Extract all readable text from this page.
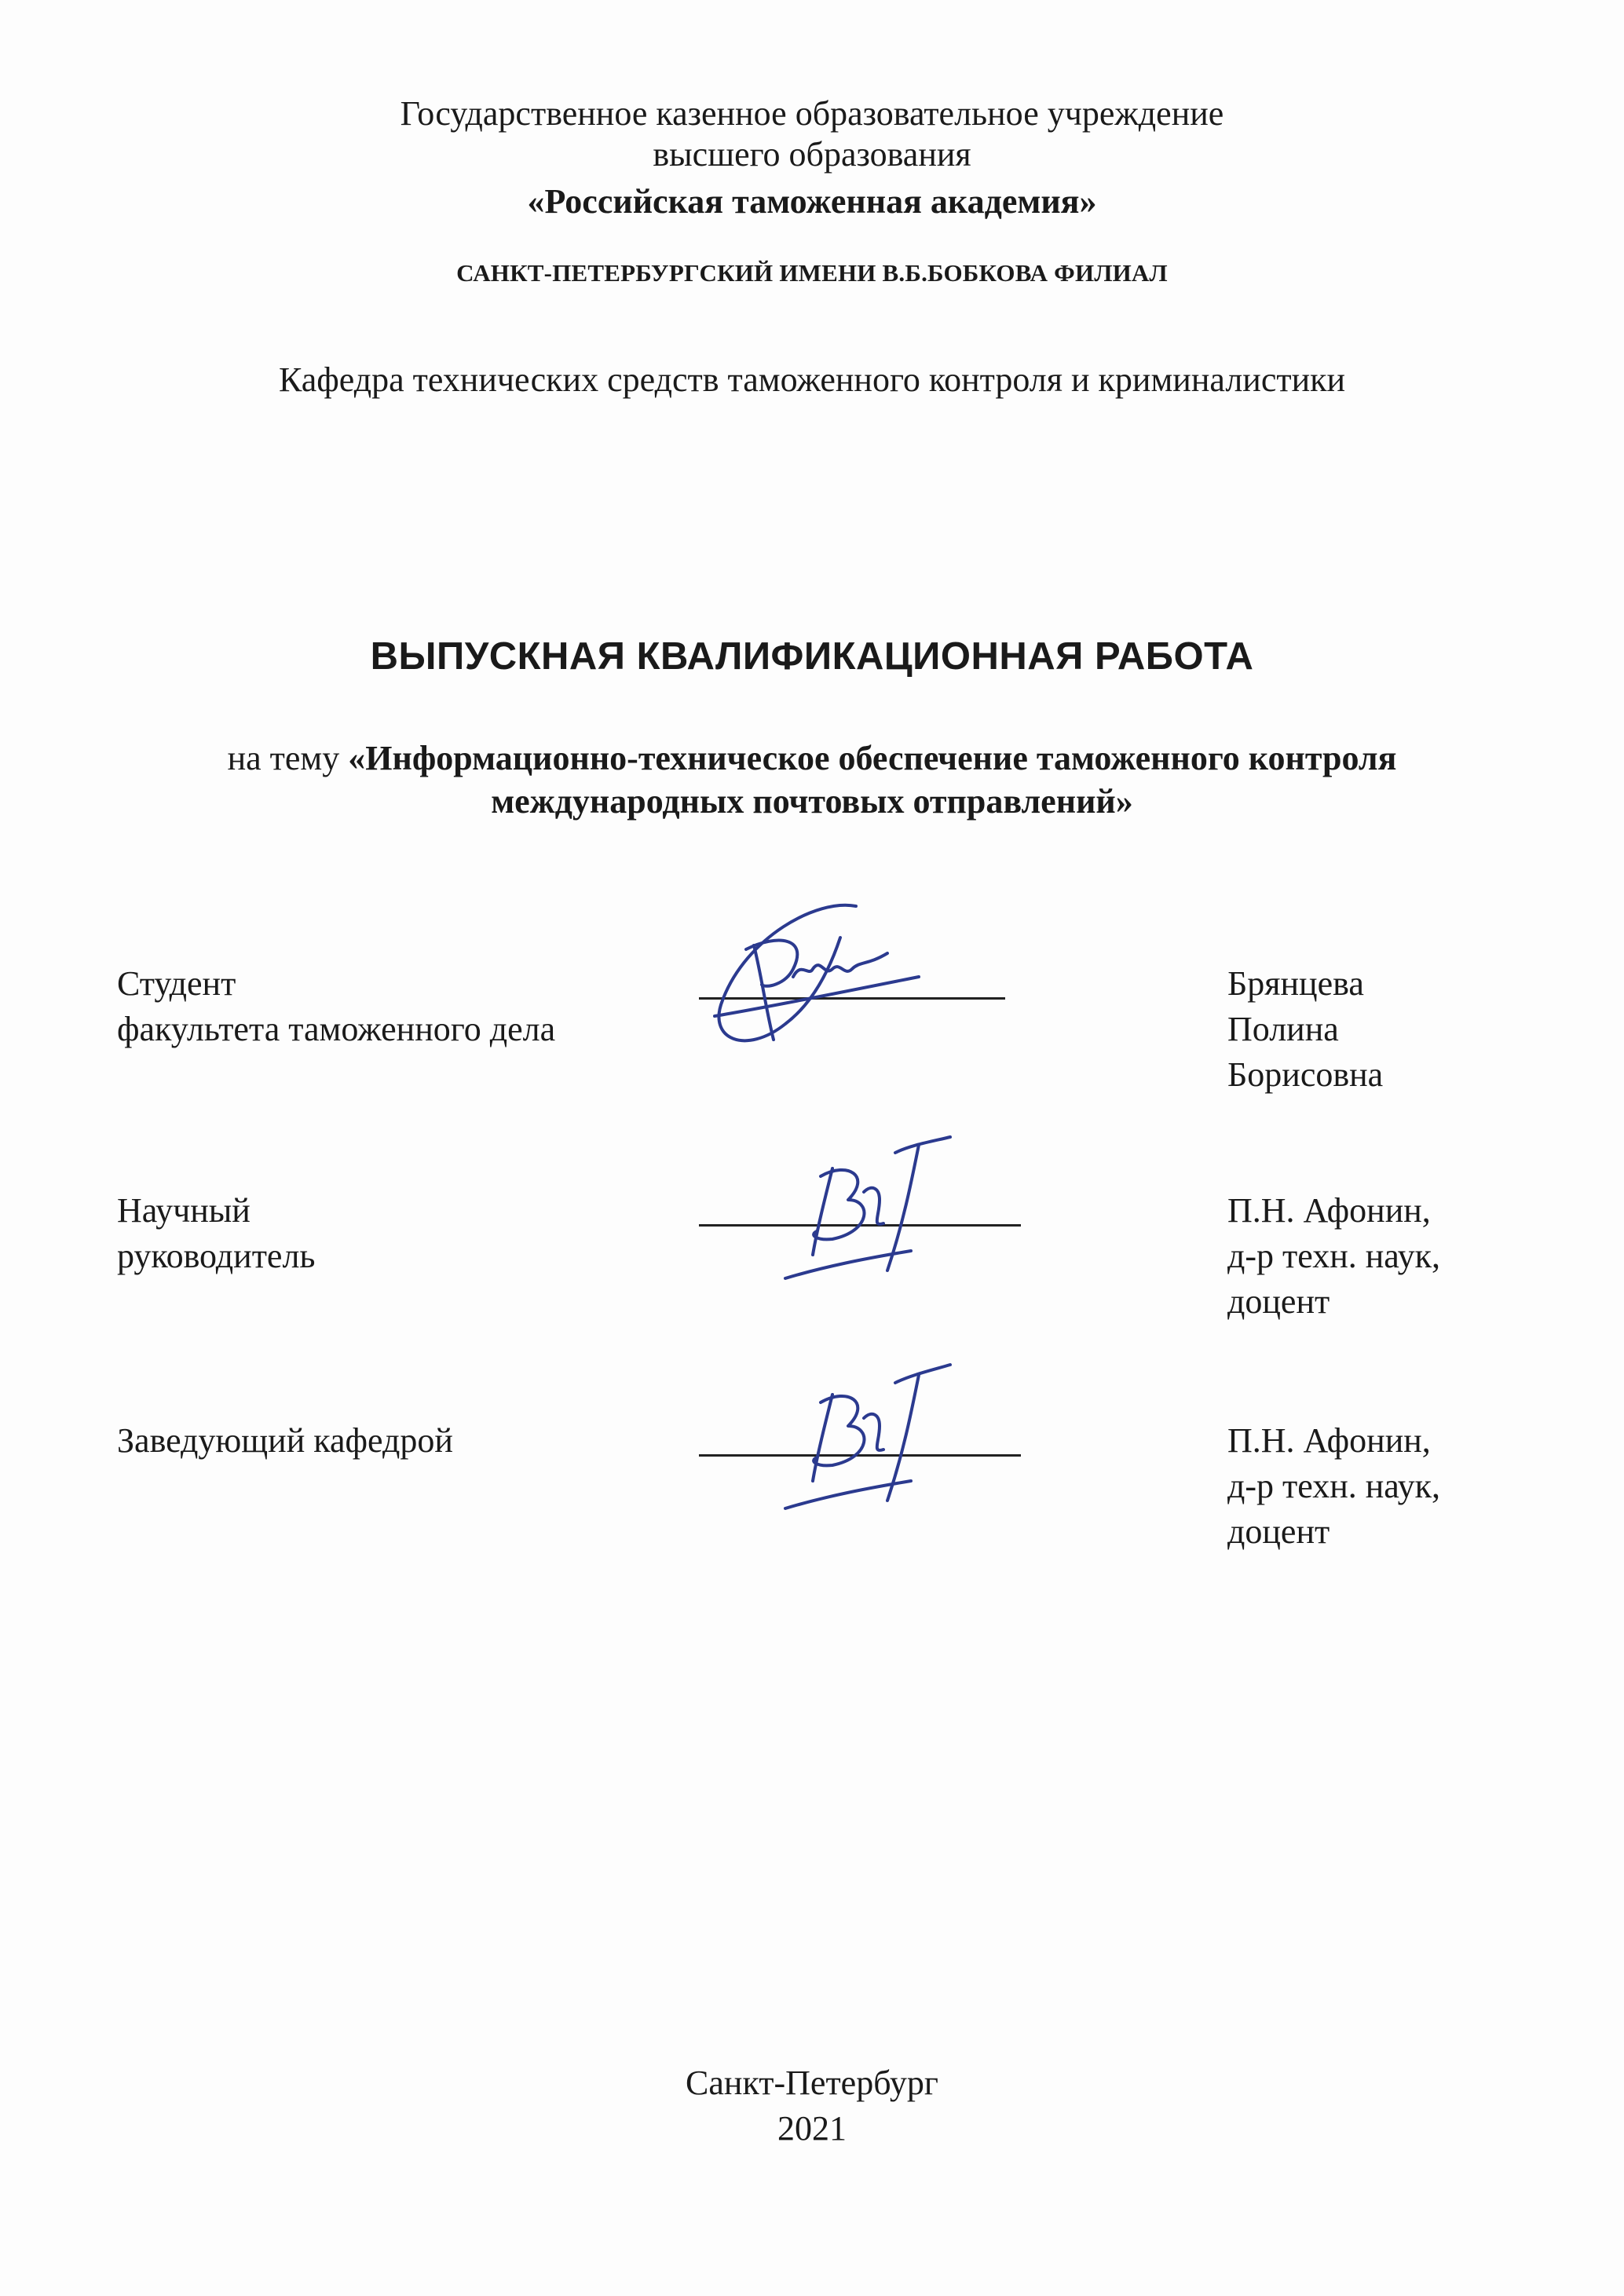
Государственное казенное образовательное учреждение
высшего образования
«Российская таможенная академия»
САНКТ-ПЕТЕРБУРГСКИЙ ИМЕНИ В.Б.БОБКОВА ФИЛИАЛ
Кафедра технических средств таможенного контроля и криминалистики
ВЫПУСКНАЯ КВАЛИФИКАЦИОННАЯ РАБОТА
на тему «Информационно-техническое обеспечение таможенного контроля
международных почтовых отправлений»
Студент
факультета таможенного дела
Брянцева
Полина
Борисовна
Научный
руководитель
П.Н. Афонин,
д-р техн. наук,
доцент
Заведующий кафедрой	П.Н. Афонин,
д-р техн. наук,
доцент
Санкт-Петербург
2021
